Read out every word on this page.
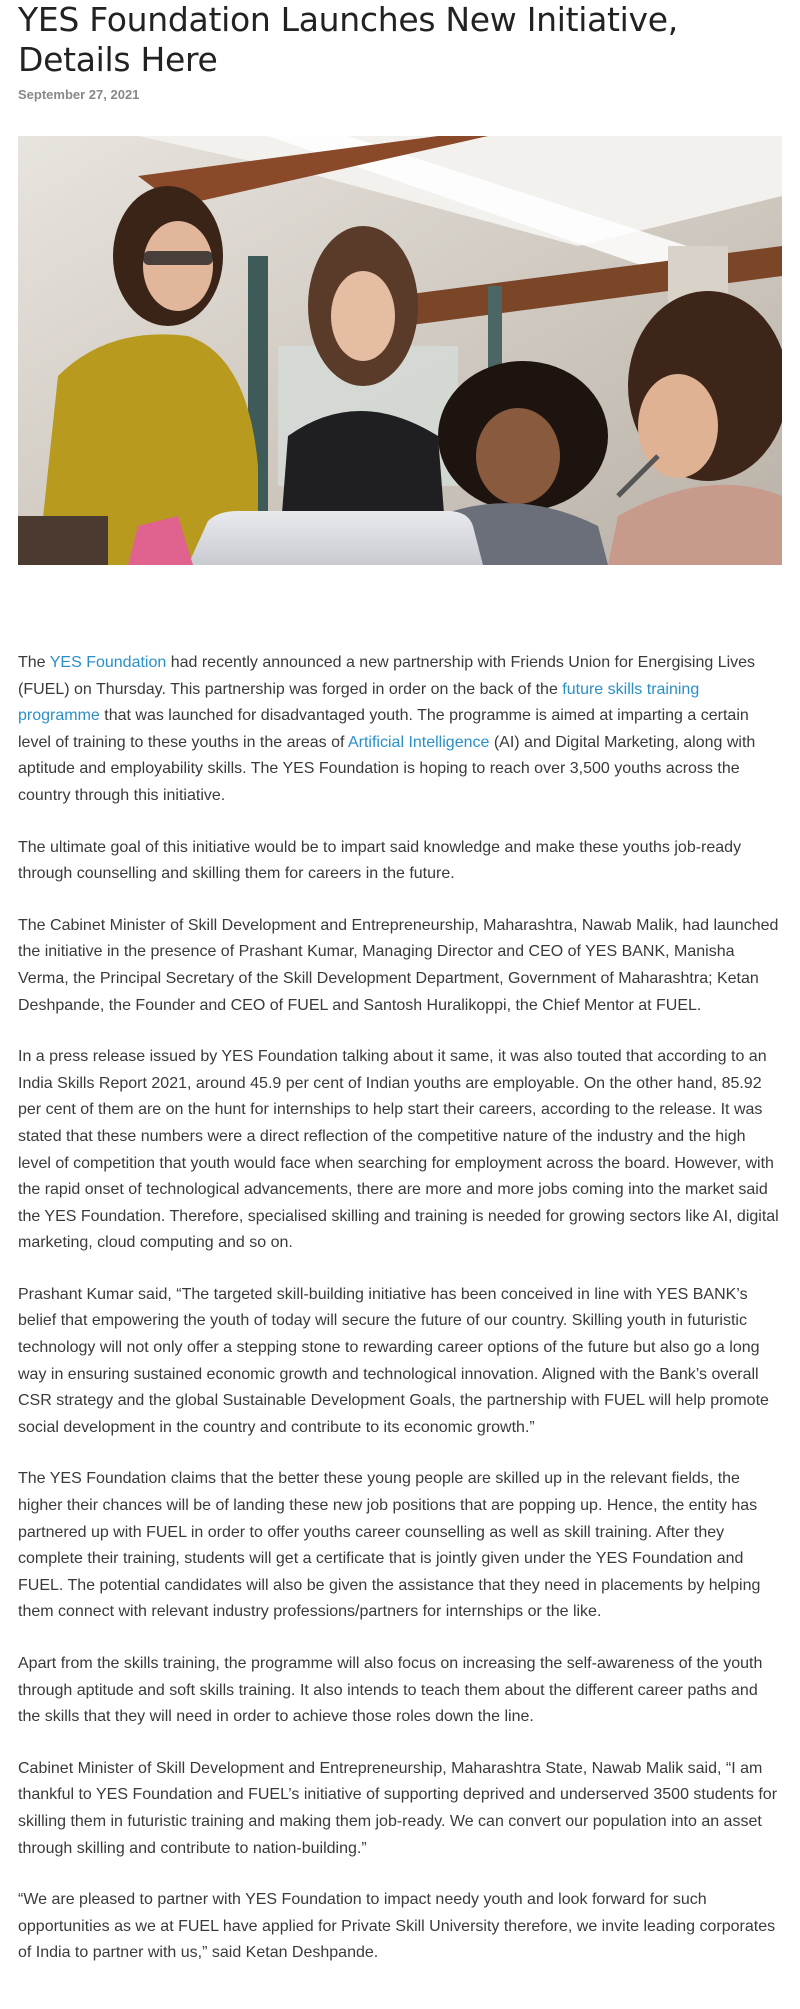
YES Foundation Launches New Initiative, Details Here
September 27, 2021

The YES Foundation had recently announced a new partnership with Friends Union for Energising Lives (FUEL) on Thursday. This partnership was forged in order on the back of the future skills training programme that was launched for disadvantaged youth. The programme is aimed at imparting a certain level of training to these youths in the areas of Artificial Intelligence (AI) and Digital Marketing, along with aptitude and employability skills. The YES Foundation is hoping to reach over 3,500 youths across the country through this initiative.

The ultimate goal of this initiative would be to impart said knowledge and make these youths job-ready through counselling and skilling them for careers in the future.

The Cabinet Minister of Skill Development and Entrepreneurship, Maharashtra, Nawab Malik, had launched the initiative in the presence of Prashant Kumar, Managing Director and CEO of YES BANK, Manisha Verma, the Principal Secretary of the Skill Development Department, Government of Maharashtra; Ketan Deshpande, the Founder and CEO of FUEL and Santosh Huralikoppi, the Chief Mentor at FUEL.

In a press release issued by YES Foundation talking about it same, it was also touted that according to an India Skills Report 2021, around 45.9 per cent of Indian youths are employable. On the other hand, 85.92 per cent of them are on the hunt for internships to help start their careers, according to the release. It was stated that these numbers were a direct reflection of the competitive nature of the industry and the high level of competition that youth would face when searching for employment across the board. However, with the rapid onset of technological advancements, there are more and more jobs coming into the market said the YES Foundation. Therefore, specialised skilling and training is needed for growing sectors like AI, digital marketing, cloud computing and so on.

Prashant Kumar said, “The targeted skill-building initiative has been conceived in line with YES BANK’s belief that empowering the youth of today will secure the future of our country. Skilling youth in futuristic technology will not only offer a stepping stone to rewarding career options of the future but also go a long way in ensuring sustained economic growth and technological innovation. Aligned with the Bank’s overall CSR strategy and the global Sustainable Development Goals, the partnership with FUEL will help promote social development in the country and contribute to its economic growth.”

The YES Foundation claims that the better these young people are skilled up in the relevant fields, the higher their chances will be of landing these new job positions that are popping up. Hence, the entity has partnered up with FUEL in order to offer youths career counselling as well as skill training. After they complete their training, students will get a certificate that is jointly given under the YES Foundation and FUEL. The potential candidates will also be given the assistance that they need in placements by helping them connect with relevant industry professions/partners for internships or the like.

Apart from the skills training, the programme will also focus on increasing the self-awareness of the youth through aptitude and soft skills training. It also intends to teach them about the different career paths and the skills that they will need in order to achieve those roles down the line.

Cabinet Minister of Skill Development and Entrepreneurship, Maharashtra State, Nawab Malik said, “I am thankful to YES Foundation and FUEL’s initiative of supporting deprived and underserved 3500 students for skilling them in futuristic training and making them job-ready. We can convert our population into an asset through skilling and contribute to nation-building.”

“We are pleased to partner with YES Foundation to impact needy youth and look forward for such opportunities as we at FUEL have applied for Private Skill University therefore, we invite leading corporates of India to partner with us,” said Ketan Deshpande.
